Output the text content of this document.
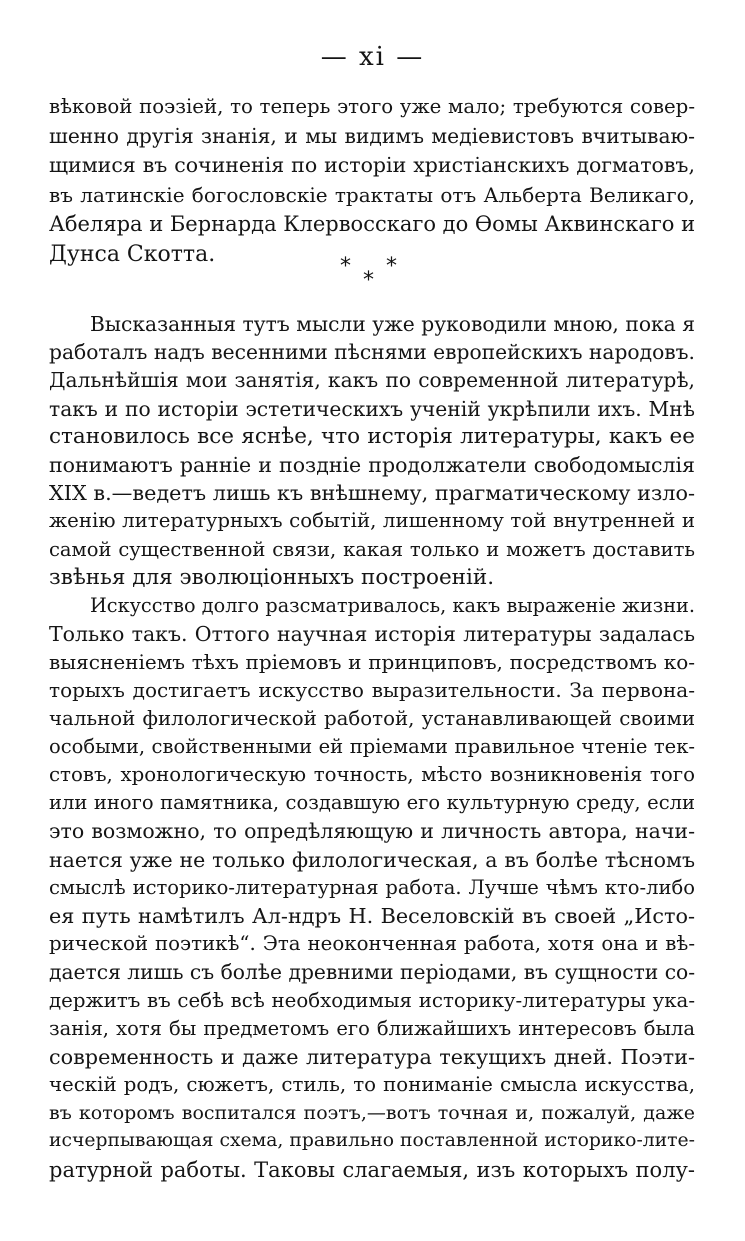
— xi —
вѣковой поэзіей, то теперь этого уже мало; требуются совер-
шенно другія знанія, и мы видимъ медіевистовъ вчитываю-
щимися въ сочиненія по исторіи христіанскихъ догматовъ,
въ латинскіе богословскіе трактаты отъ Альберта Великаго,
Абеляра и Бернарда Клервосскаго до Ѳомы Аквинскаго и
Дунса Скотта.	* *
*
Высказанныя тутъ мысли уже руководили мною, пока я
работалъ надъ весенними пѣснями европейскихъ народовъ.
Дальнѣйшія мои занятія, какъ по современной литературѣ,
такъ и по исторіи эстетическихъ ученій укрѣпили ихъ. Мнѣ
становилось все яснѣе, что исторія литературы, какъ ее
понимаютъ ранніе и поздніе продолжатели свободомыслія
XIX в.—ведетъ лишь къ внѣшнему, прагматическому изло-
женію литературныхъ событій, лишенному той внутренней и
самой существенной связи, какая только и можетъ доставить
звѣнья для эволюціонныхъ построеній.
Искусство долго разсматривалось, какъ выраженіе жизни.
Только такъ. Оттого научная исторія литературы задалась
выясненіемъ тѣхъ пріемовъ и принциповъ, посредствомъ ко-
торыхъ достигаетъ искусство выразительности. За первона-
чальной филологической работой, устанавливающей своими
особыми, свойственными ей пріемами правильное чтеніе тек-
стовъ, хронологическую точность, мѣсто возникновенія того
или иного памятника, создавшую его культурную среду, если
это возможно, то опредѣляющую и личность автора, начи-
нается уже не только филологическая, а въ болѣе тѣсномъ
смыслѣ историко-литературная работа. Лучше чѣмъ кто-либо
ея путь намѣтилъ Ал-ндръ Н. Веселовскій въ своей „Исто-
рической поэтикѣ“. Эта неоконченная работа, хотя она и вѣ-
дается лишь съ болѣе древними періодами, въ сущности со-
держитъ въ себѣ всѣ необходимыя историку-литературы ука-
занія, хотя бы предметомъ его ближайшихъ интересовъ была
современность и даже литература текущихъ дней. Поэти-
ческій родъ, сюжетъ, стиль, то пониманіе смысла искусства,
въ которомъ воспитался поэтъ,—вотъ точная и, пожалуй, даже
исчерпывающая схема, правильно поставленной историко-лите-
ратурной работы. Таковы слагаемыя, изъ которыхъ полу-
